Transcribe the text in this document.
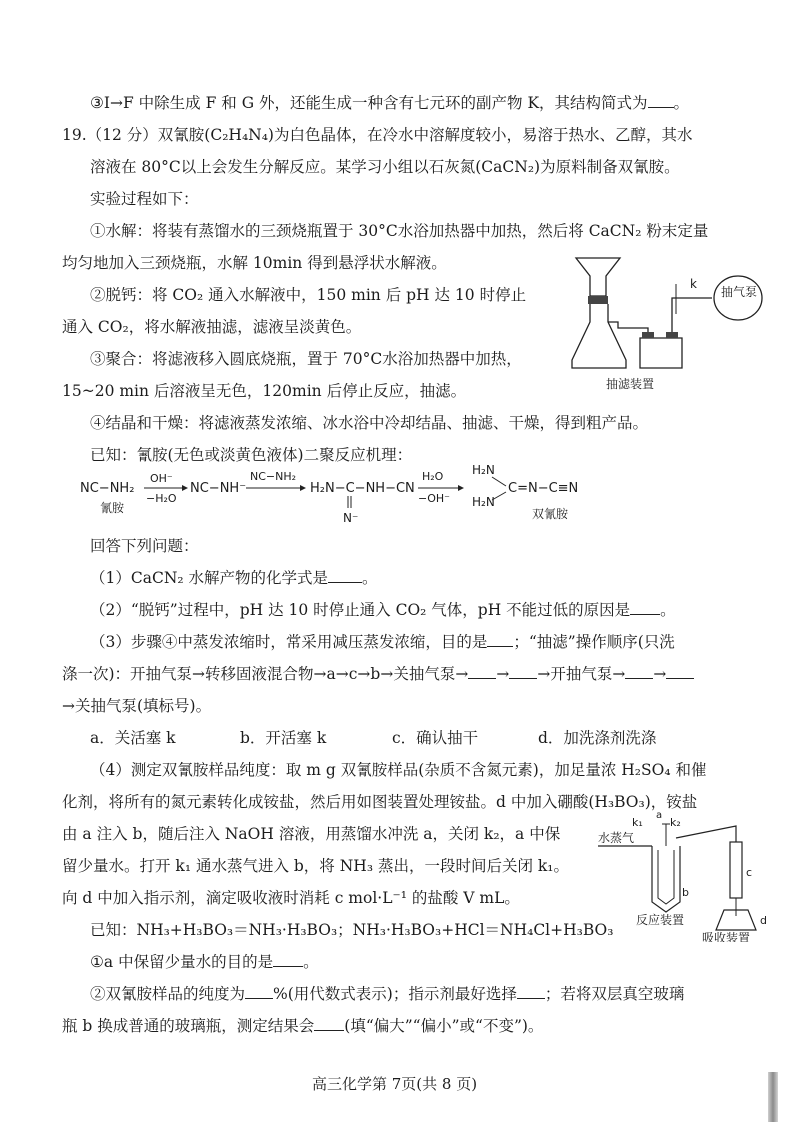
③I→F 中除生成 F 和 G 外，还能生成一种含有七元环的副产物 K，其结构简式为 。
19.（12 分）双氰胺(C₂H₄N₄)为白色晶体，在冷水中溶解度较小，易溶于热水、乙醇，其水
溶液在 80°C以上会发生分解反应。某学习小组以石灰氮(CaCN₂)为原料制备双氰胺。
实验过程如下：
①水解：将装有蒸馏水的三颈烧瓶置于 30°C水浴加热器中加热，然后将 CaCN₂ 粉末定量
均匀地加入三颈烧瓶，水解 10min 得到悬浮状水解液。
②脱钙：将 CO₂ 通入水解液中，150 min 后 pH 达 10 时停止
通入 CO₂，将水解液抽滤，滤液呈淡黄色。
③聚合：将滤液移入圆底烧瓶，置于 70°C水浴加热器中加热，
15~20 min 后溶液呈无色，120min 后停止反应，抽滤。
④结晶和干燥：将滤液蒸发浓缩、冰水浴中冷却结晶、抽滤、干燥，得到粗产品。
已知：氰胺(无色或淡黄色液体)二聚反应机理：
NC−NH₂
氰胺
OH⁻
−H₂O
NC−NH⁻
NC−NH₂
H₂N−C−NH−CN
N⁻
H₂O
−OH⁻
H₂N
H₂N
C=N−C≡N
双氰胺
回答下列问题：
（1）CaCN₂ 水解产物的化学式是 。
（2）“脱钙”过程中，pH 达 10 时停止通入 CO₂ 气体，pH 不能过低的原因是 。
（3）步骤④中蒸发浓缩时，常采用减压蒸发浓缩，目的是 ；“抽滤”操作顺序(只洗
涤一次)：开抽气泵→转移固液混合物→a→c→b→关抽气泵→ → →开抽气泵→ →
→关抽气泵(填标号)。
a．关活塞 k	b．开活塞 k	c．确认抽干	d．加洗涤剂洗涤
（4）测定双氰胺样品纯度：取 m g 双氰胺样品(杂质不含氮元素)，加足量浓 H₂SO₄ 和催
化剂，将所有的氮元素转化成铵盐，然后用如图装置处理铵盐。d 中加入硼酸(H₃BO₃)，铵盐
由 a 注入 b，随后注入 NaOH 溶液，用蒸馏水冲洗 a，关闭 k₂，a 中保
留少量水。打开 k₁ 通水蒸气进入 b，将 NH₃ 蒸出，一段时间后关闭 k₁。
向 d 中加入指示剂，滴定吸收液时消耗 c mol·L⁻¹ 的盐酸 V mL。
已知：NH₃+H₃BO₃＝NH₃·H₃BO₃；NH₃·H₃BO₃+HCl＝NH₄Cl+H₃BO₃
①a 中保留少量水的目的是 。
②双氰胺样品的纯度为 %(用代数式表示)；指示剂最好选择 ；若将双层真空玻璃
瓶 b 换成普通的玻璃瓶，测定结果会 (填“偏大”“偏小”或“不变”)。
高三化学第 7页(共 8 页)
k
抽气泵
抽滤装置
水蒸气
k₁ k₂
a
b
c
d
反应装置
吸收装置
